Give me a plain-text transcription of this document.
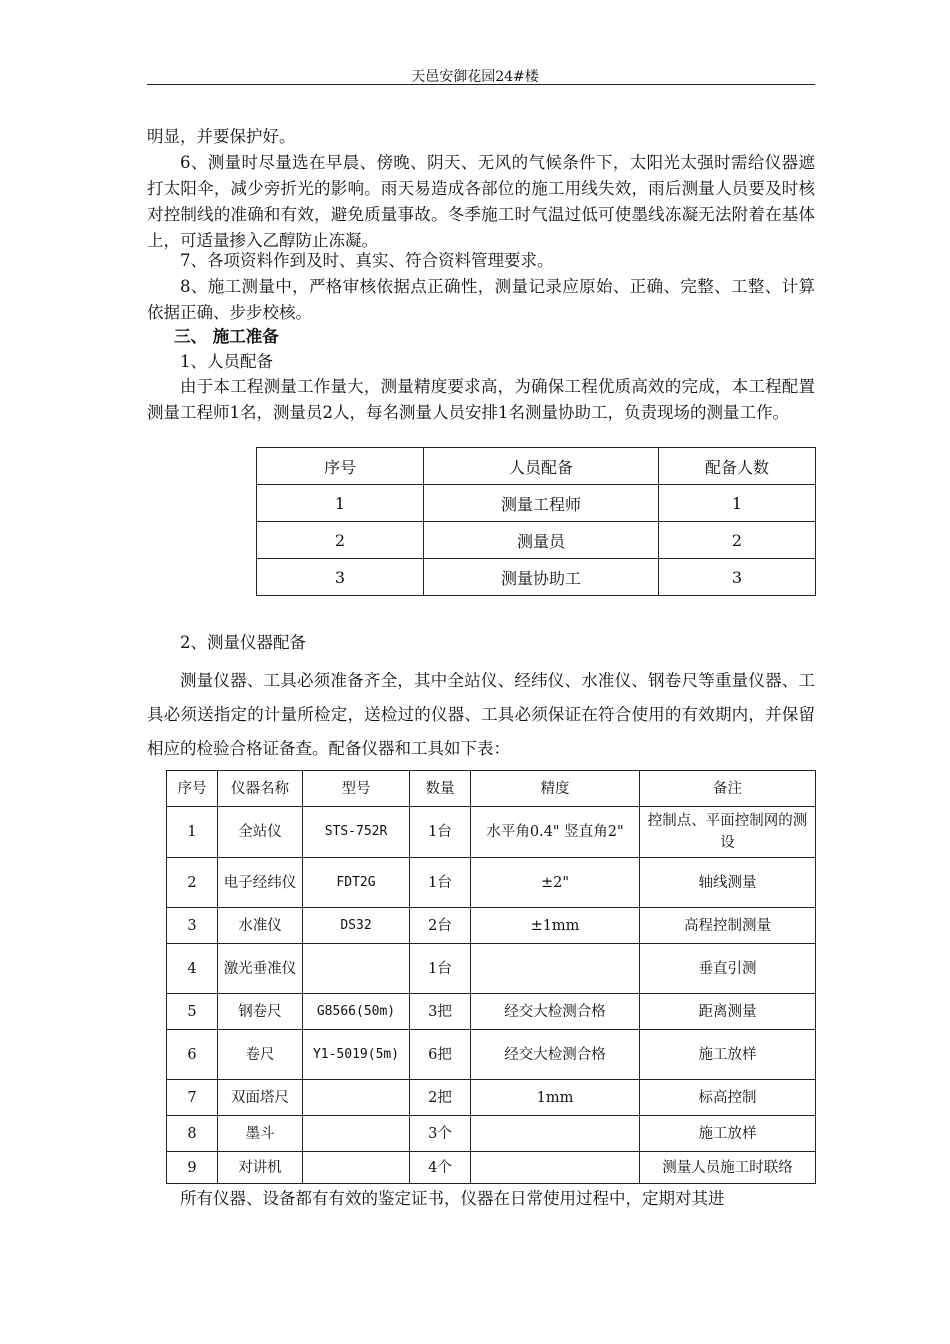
天邑安御花园24#楼

明显，并要保护好。

6、测量时尽量选在早晨、傍晚、阴天、无风的气候条件下，太阳光太强时需给仪器遮打太阳伞，减少旁折光的影响。雨天易造成各部位的施工用线失效，雨后测量人员要及时核对控制线的准确和有效，避免质量事故。冬季施工时气温过低可使墨线冻凝无法附着在基体上，可适量掺入乙醇防止冻凝。

7、各项资料作到及时、真实、符合资料管理要求。

8、施工测量中，严格审核依据点正确性，测量记录应原始、正确、完整、工整、计算依据正确、步步校核。

三、 施工准备

1、人员配备

由于本工程测量工作量大，测量精度要求高，为确保工程优质高效的完成，本工程配置测量工程师1名，测量员2人，每名测量人员安排1名测量协助工，负责现场的测量工作。

序号	人员配备	配备人数
1	测量工程师	1
2	测量员	2
3	测量协助工	3

2、测量仪器配备

测量仪器、工具必须准备齐全，其中全站仪、经纬仪、水准仪、钢卷尺等重量仪器、工具必须送指定的计量所检定，送检过的仪器、工具必须保证在符合使用的有效期内，并保留相应的检验合格证备查。配备仪器和工具如下表：

序号	仪器名称	型号	数量	精度	备注
1	全站仪	STS-752R	1台	水平角0.4" 竖直角2"	控制点、平面控制网的测设
2	电子经纬仪	FDT2G	1台	±2"	轴线测量
3	水准仪	DS32	2台	±1mm	高程控制测量
4	激光垂准仪		1台		垂直引测
5	钢卷尺	G8566(50m)	3把	经交大检测合格	距离测量
6	卷尺	Y1-5019(5m)	6把	经交大检测合格	施工放样
7	双面塔尺		2把	1mm	标高控制
8	墨斗		3个		施工放样
9	对讲机		4个		测量人员施工时联络

所有仪器、设备都有有效的鉴定证书，仪器在日常使用过程中，定期对其进
